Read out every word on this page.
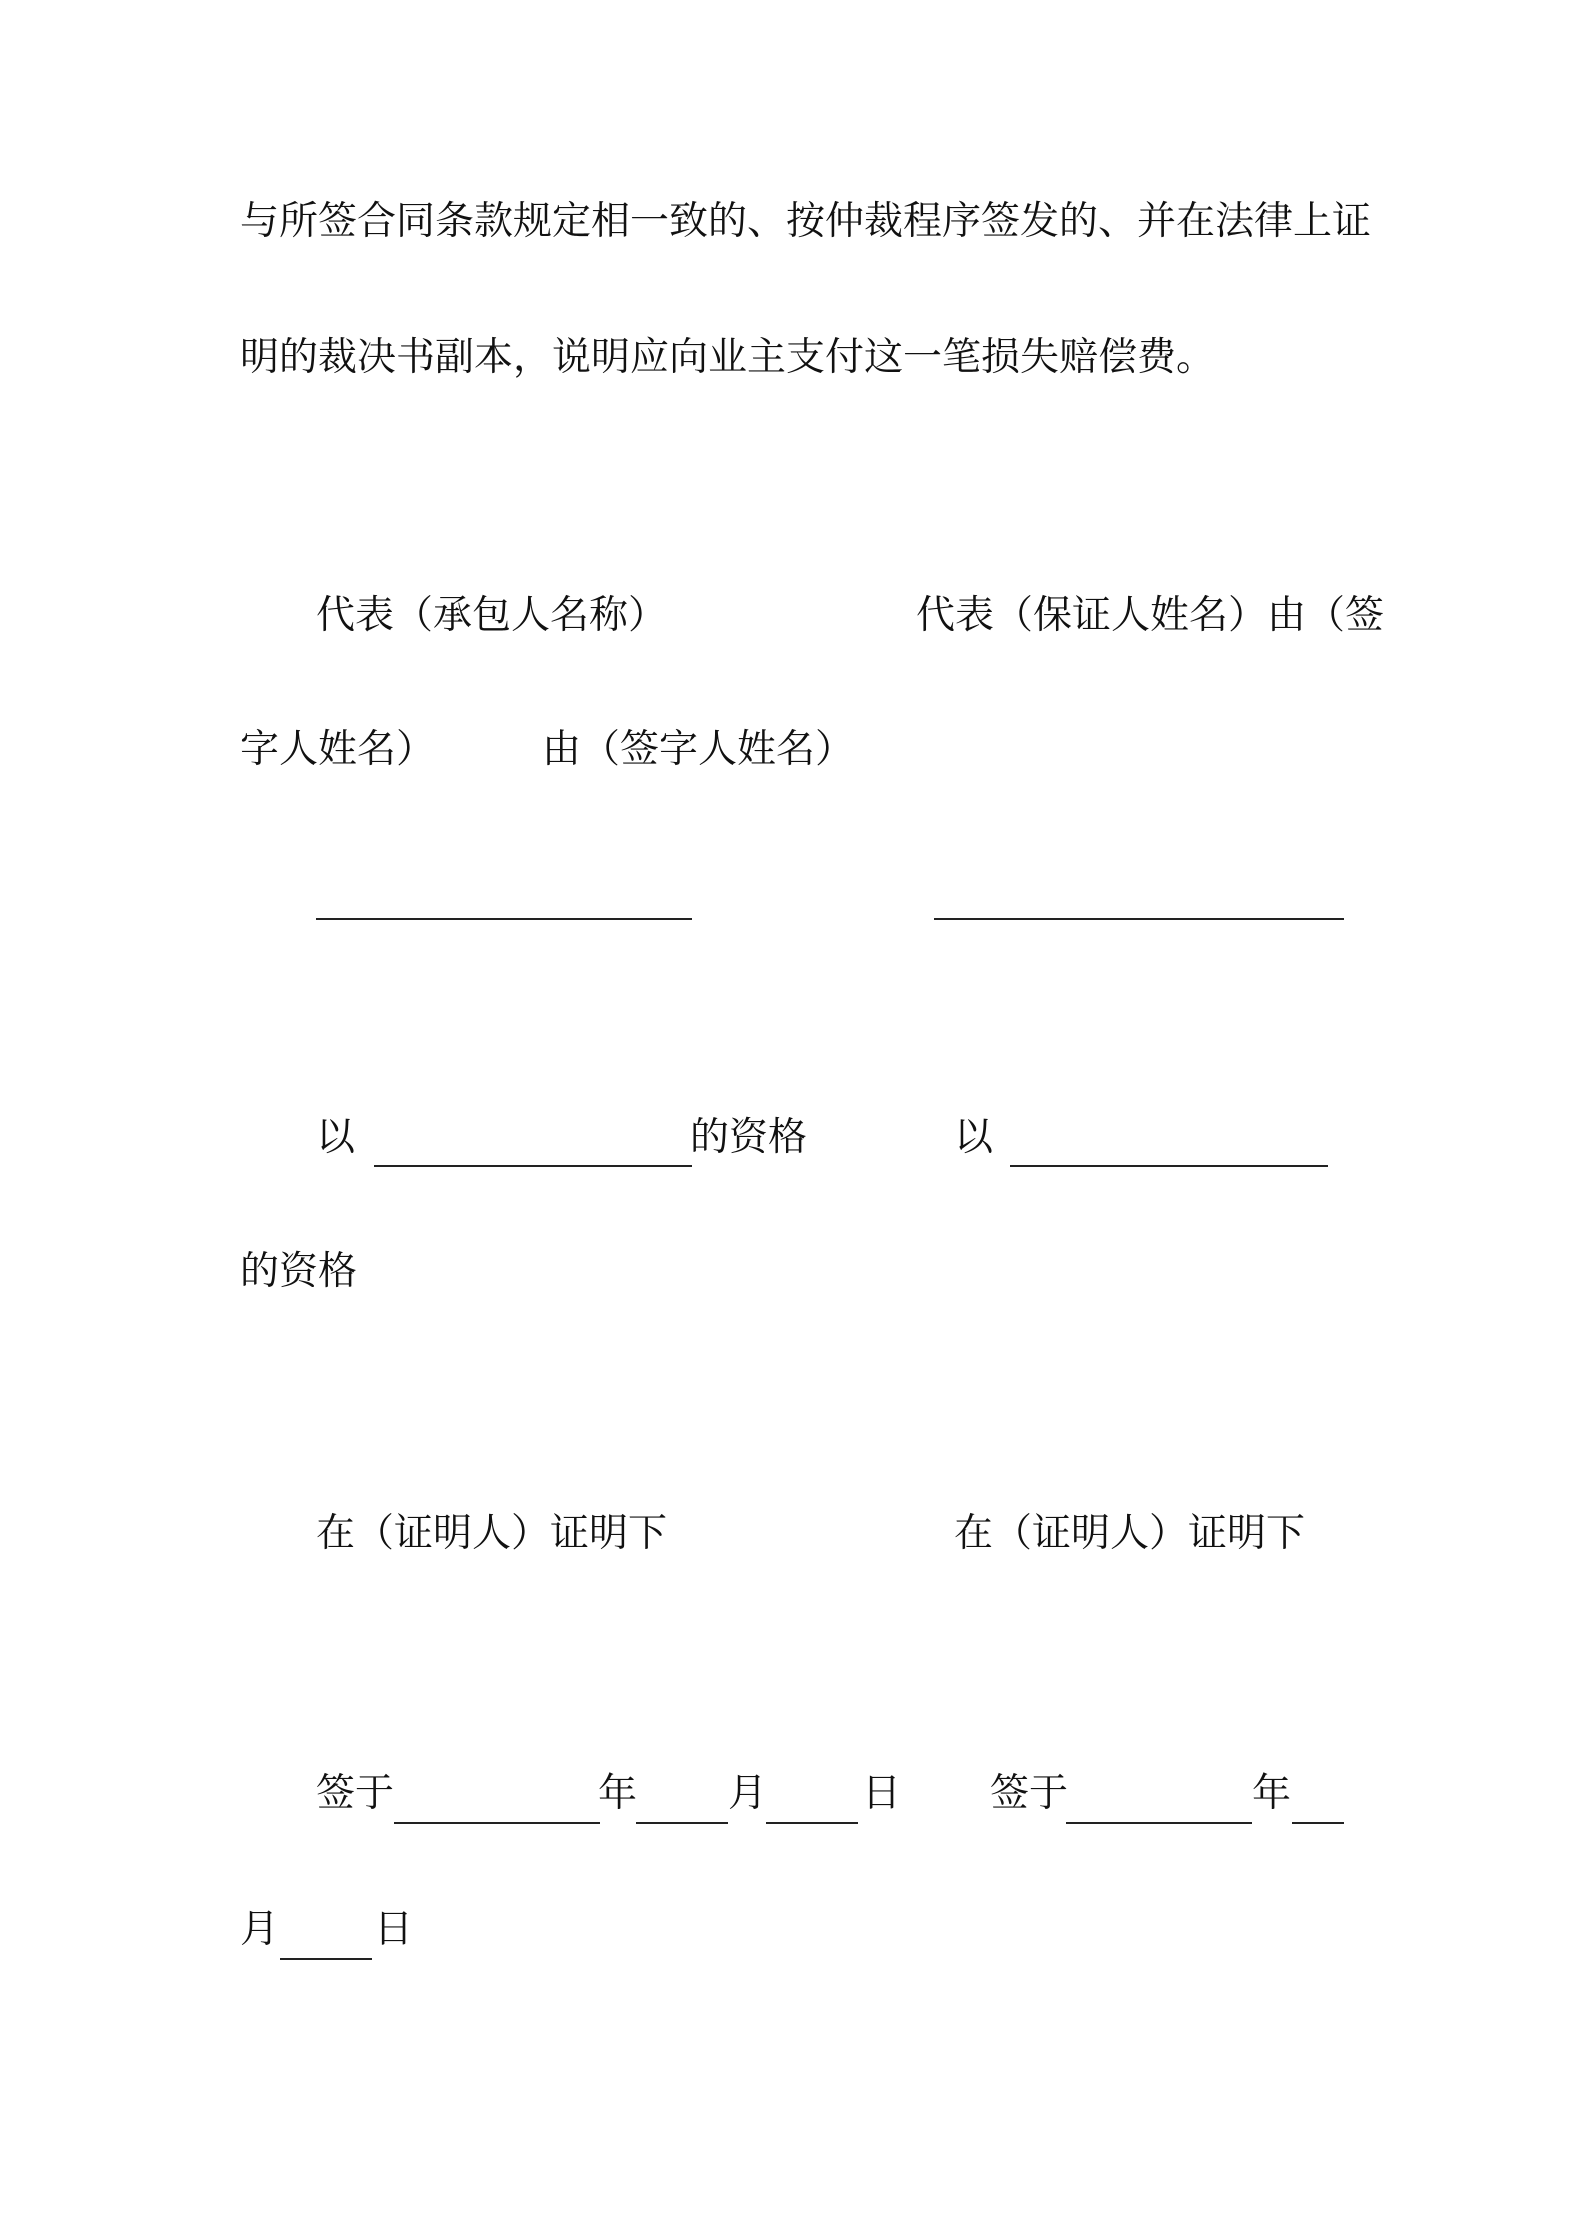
与所签合同条款规定相一致的、按仲裁程序签发的、并在法律上证
明的裁决书副本，说明应向业主支付这一笔损失赔偿费。
代表（承包人名称）	代表（保证人姓名）由（签
字人姓名）	由（签字人姓名）
以	的资格	以
的资格
在（证明人）证明下	在（证明人）证明下
签于	年 月 日 签于	年
月 日
